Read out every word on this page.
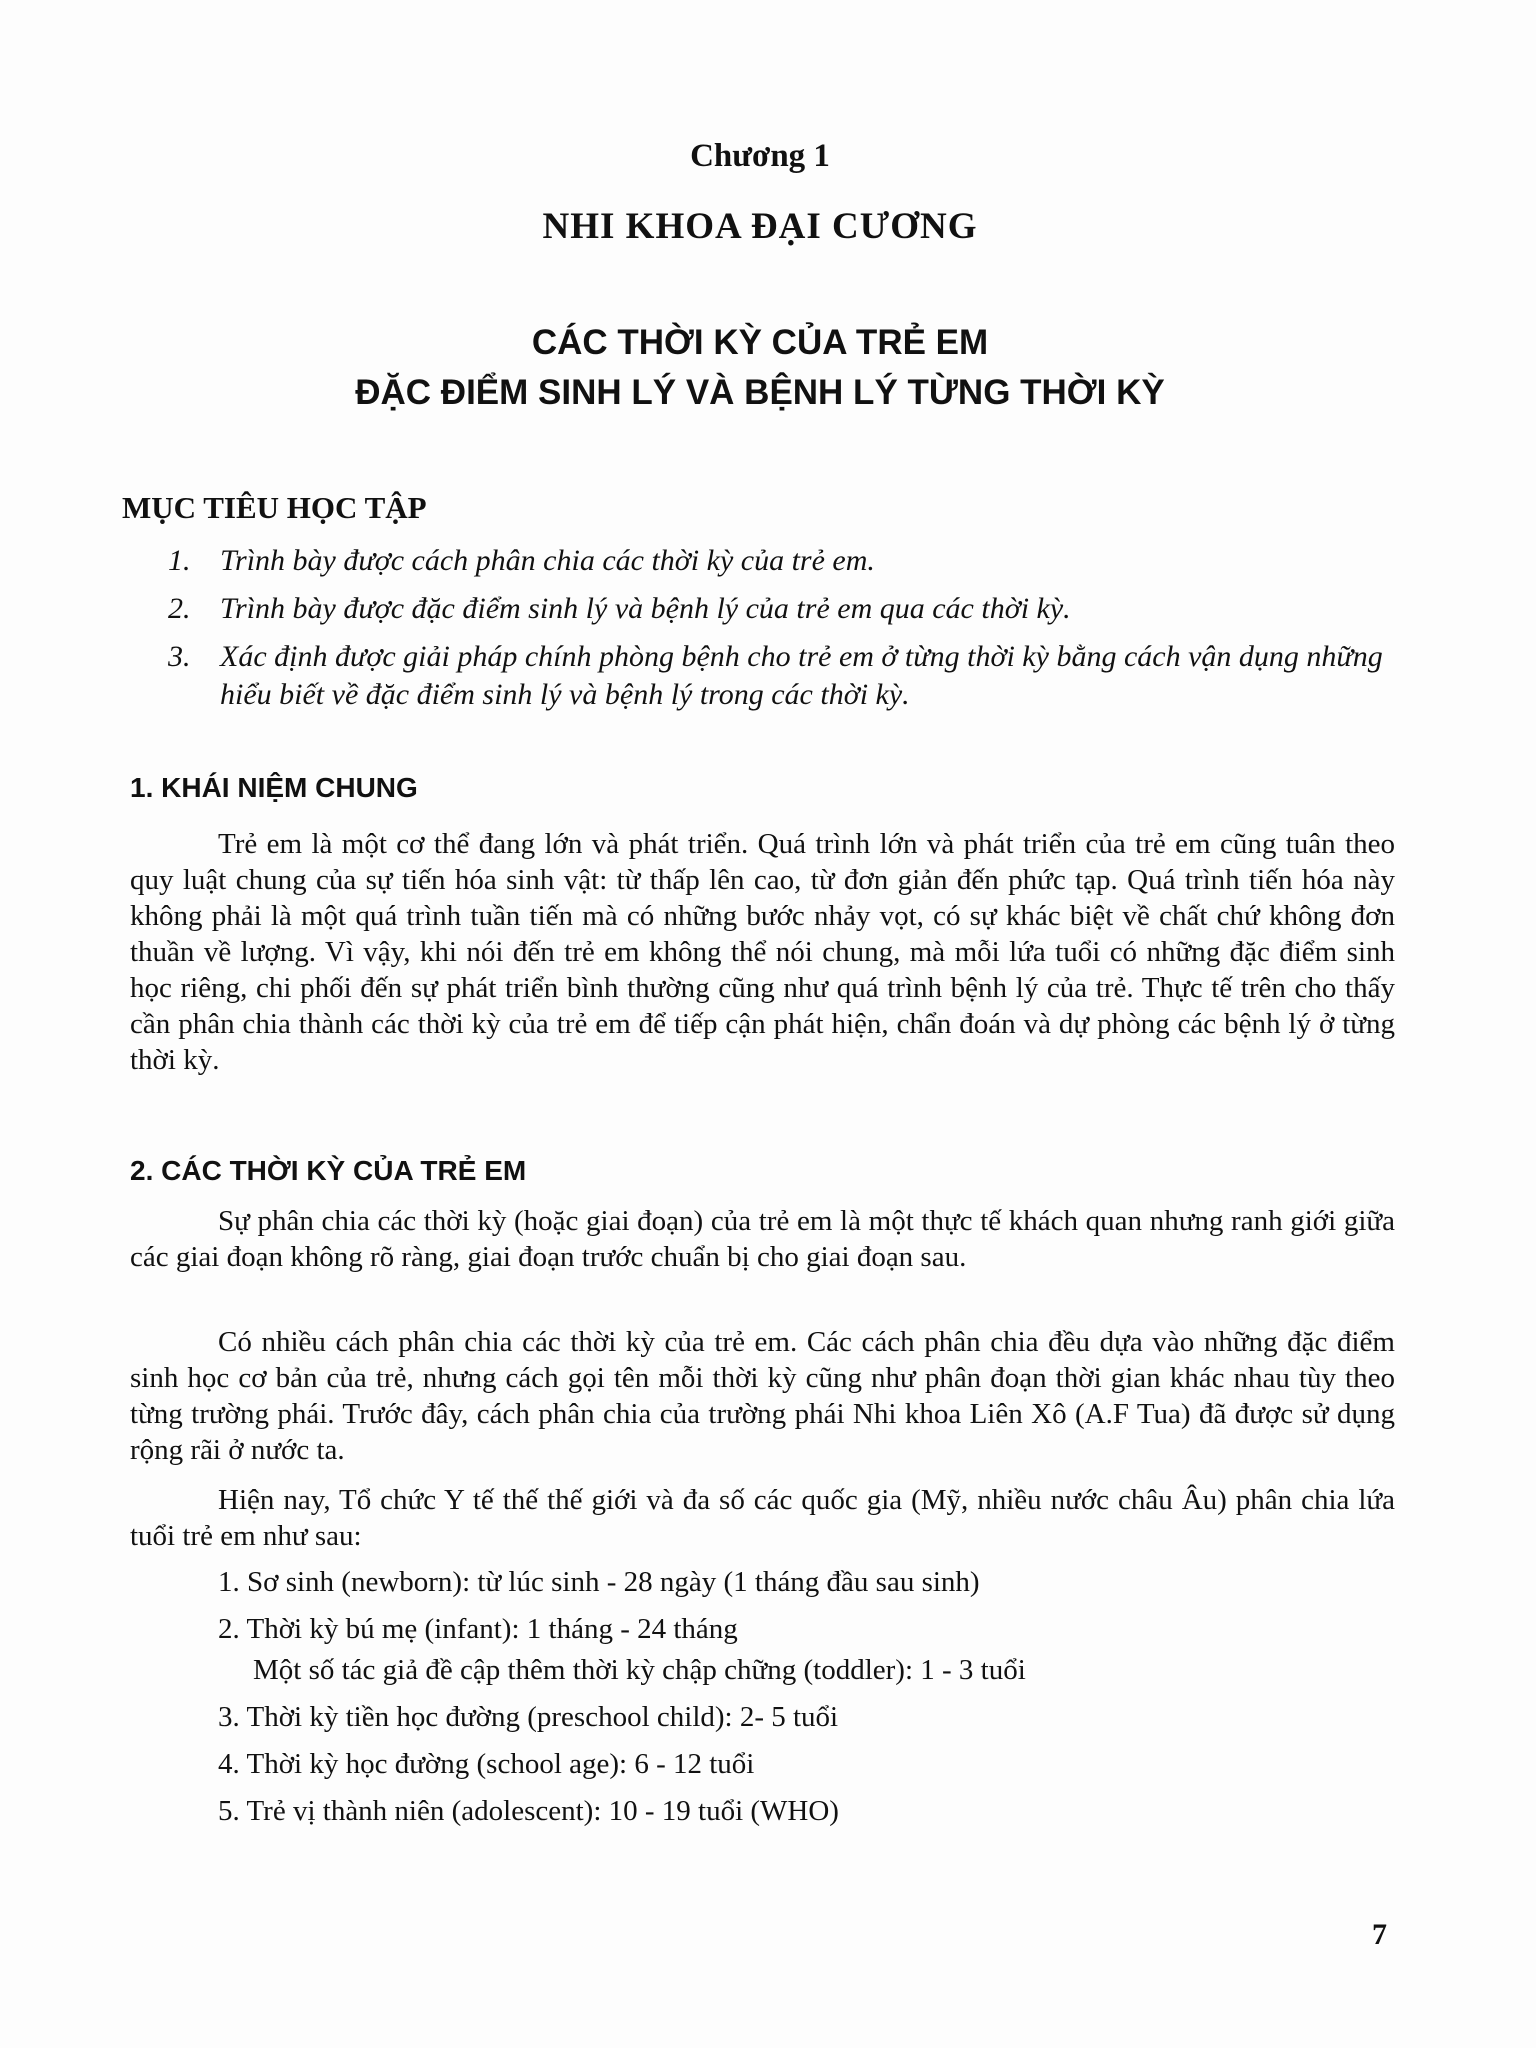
Chương 1
NHI KHOA ĐẠI CƯƠNG
CÁC THỜI KỲ CỦA TRẺ EM
ĐẶC ĐIỂM SINH LÝ VÀ BỆNH LÝ TỪNG THỜI KỲ
MỤC TIÊU HỌC TẬP
1. Trình bày được cách phân chia các thời kỳ của trẻ em.
2. Trình bày được đặc điểm sinh lý và bệnh lý của trẻ em qua các thời kỳ.
3. Xác định được giải pháp chính phòng bệnh cho trẻ em ở từng thời kỳ bằng cách vận dụng những hiểu biết về đặc điểm sinh lý và bệnh lý trong các thời kỳ.
1. KHÁI NIỆM CHUNG

Trẻ em là một cơ thể đang lớn và phát triển. Quá trình lớn và phát triển của trẻ em cũng tuân theo quy luật chung của sự tiến hóa sinh vật: từ thấp lên cao, từ đơn giản đến phức tạp. Quá trình tiến hóa này không phải là một quá trình tuần tiến mà có những bước nhảy vọt, có sự khác biệt về chất chứ không đơn thuần về lượng. Vì vậy, khi nói đến trẻ em không thể nói chung, mà mỗi lứa tuổi có những đặc điểm sinh học riêng, chi phối đến sự phát triển bình thường cũng như quá trình bệnh lý của trẻ. Thực tế trên cho thấy cần phân chia thành các thời kỳ của trẻ em để tiếp cận phát hiện, chẩn đoán và dự phòng các bệnh lý ở từng thời kỳ.

2. CÁC THỜI KỲ CỦA TRẺ EM

Sự phân chia các thời kỳ (hoặc giai đoạn) của trẻ em là một thực tế khách quan nhưng ranh giới giữa các giai đoạn không rõ ràng, giai đoạn trước chuẩn bị cho giai đoạn sau.

Có nhiều cách phân chia các thời kỳ của trẻ em. Các cách phân chia đều dựa vào những đặc điểm sinh học cơ bản của trẻ, nhưng cách gọi tên mỗi thời kỳ cũng như phân đoạn thời gian khác nhau tùy theo từng trường phái. Trước đây, cách phân chia của trường phái Nhi khoa Liên Xô (A.F Tua) đã được sử dụng rộng rãi ở nước ta.

Hiện nay, Tổ chức Y tế thế thế giới và đa số các quốc gia (Mỹ, nhiều nước châu Âu) phân chia lứa tuổi trẻ em như sau:

1. Sơ sinh (newborn): từ lúc sinh - 28 ngày (1 tháng đầu sau sinh)
2. Thời kỳ bú mẹ (infant): 1 tháng - 24 tháng
Một số tác giả đề cập thêm thời kỳ chập chững (toddler): 1 - 3 tuổi
3. Thời kỳ tiền học đường (preschool child): 2- 5 tuổi
4. Thời kỳ học đường (school age): 6 - 12 tuổi
5. Trẻ vị thành niên (adolescent): 10 - 19 tuổi (WHO)
7
